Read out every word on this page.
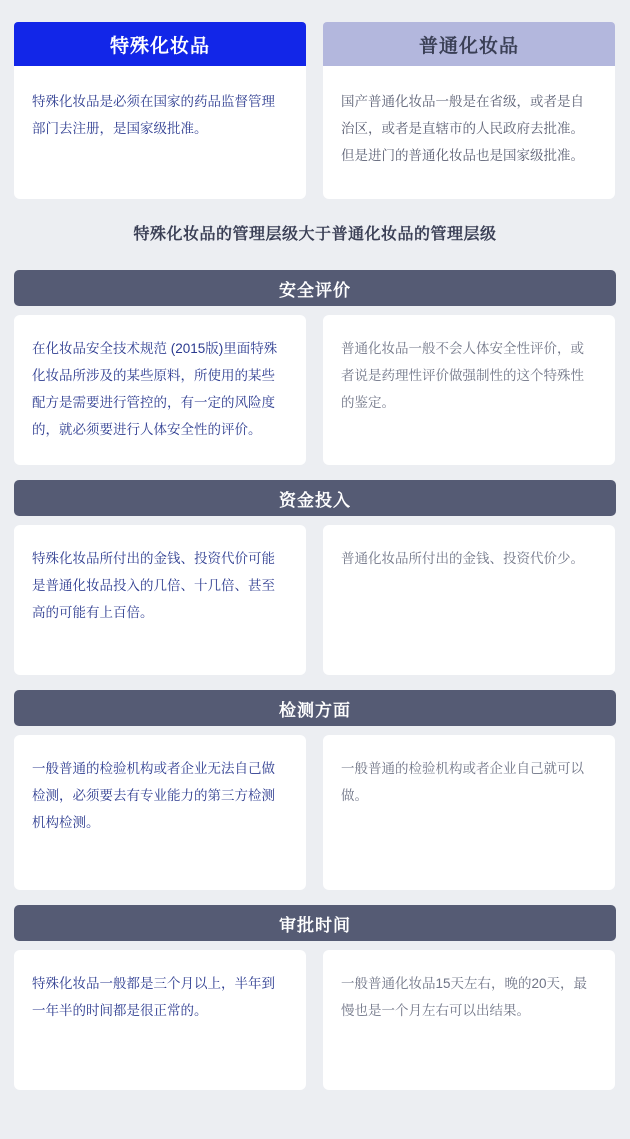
特殊化妆品
特殊化妆品是必须在国家的药品监督管理部门去注册，是国家级批准。
普通化妆品
国产普通化妆品一般是在省级，或者是自治区，或者是直辖市的人民政府去批准。但是进门的普通化妆品也是国家级批准。
特殊化妆品的管理层级大于普通化妆品的管理层级
安全评价
在化妆品安全技术规范 (2015版)里面特殊化妆品所涉及的某些原料，所使用的某些配方是需要进行管控的，有一定的风险度的，就必须要进行人体安全性的评价。
普通化妆品一般不会人体安全性评价，或者说是药理性评价做强制性的这个特殊性的鉴定。
资金投入
特殊化妆品所付出的金钱、投资代价可能是普通化妆品投入的几倍、十几倍、甚至高的可能有上百倍。
普通化妆品所付出的金钱、投资代价少。
检测方面
一般普通的检验机构或者企业无法自己做检测，必须要去有专业能力的第三方检测机构检测。
一般普通的检验机构或者企业自己就可以做。
审批时间
特殊化妆品一般都是三个月以上，半年到一年半的时间都是很正常的。
一般普通化妆品15天左右，晚的20天，最慢也是一个月左右可以出结果。
